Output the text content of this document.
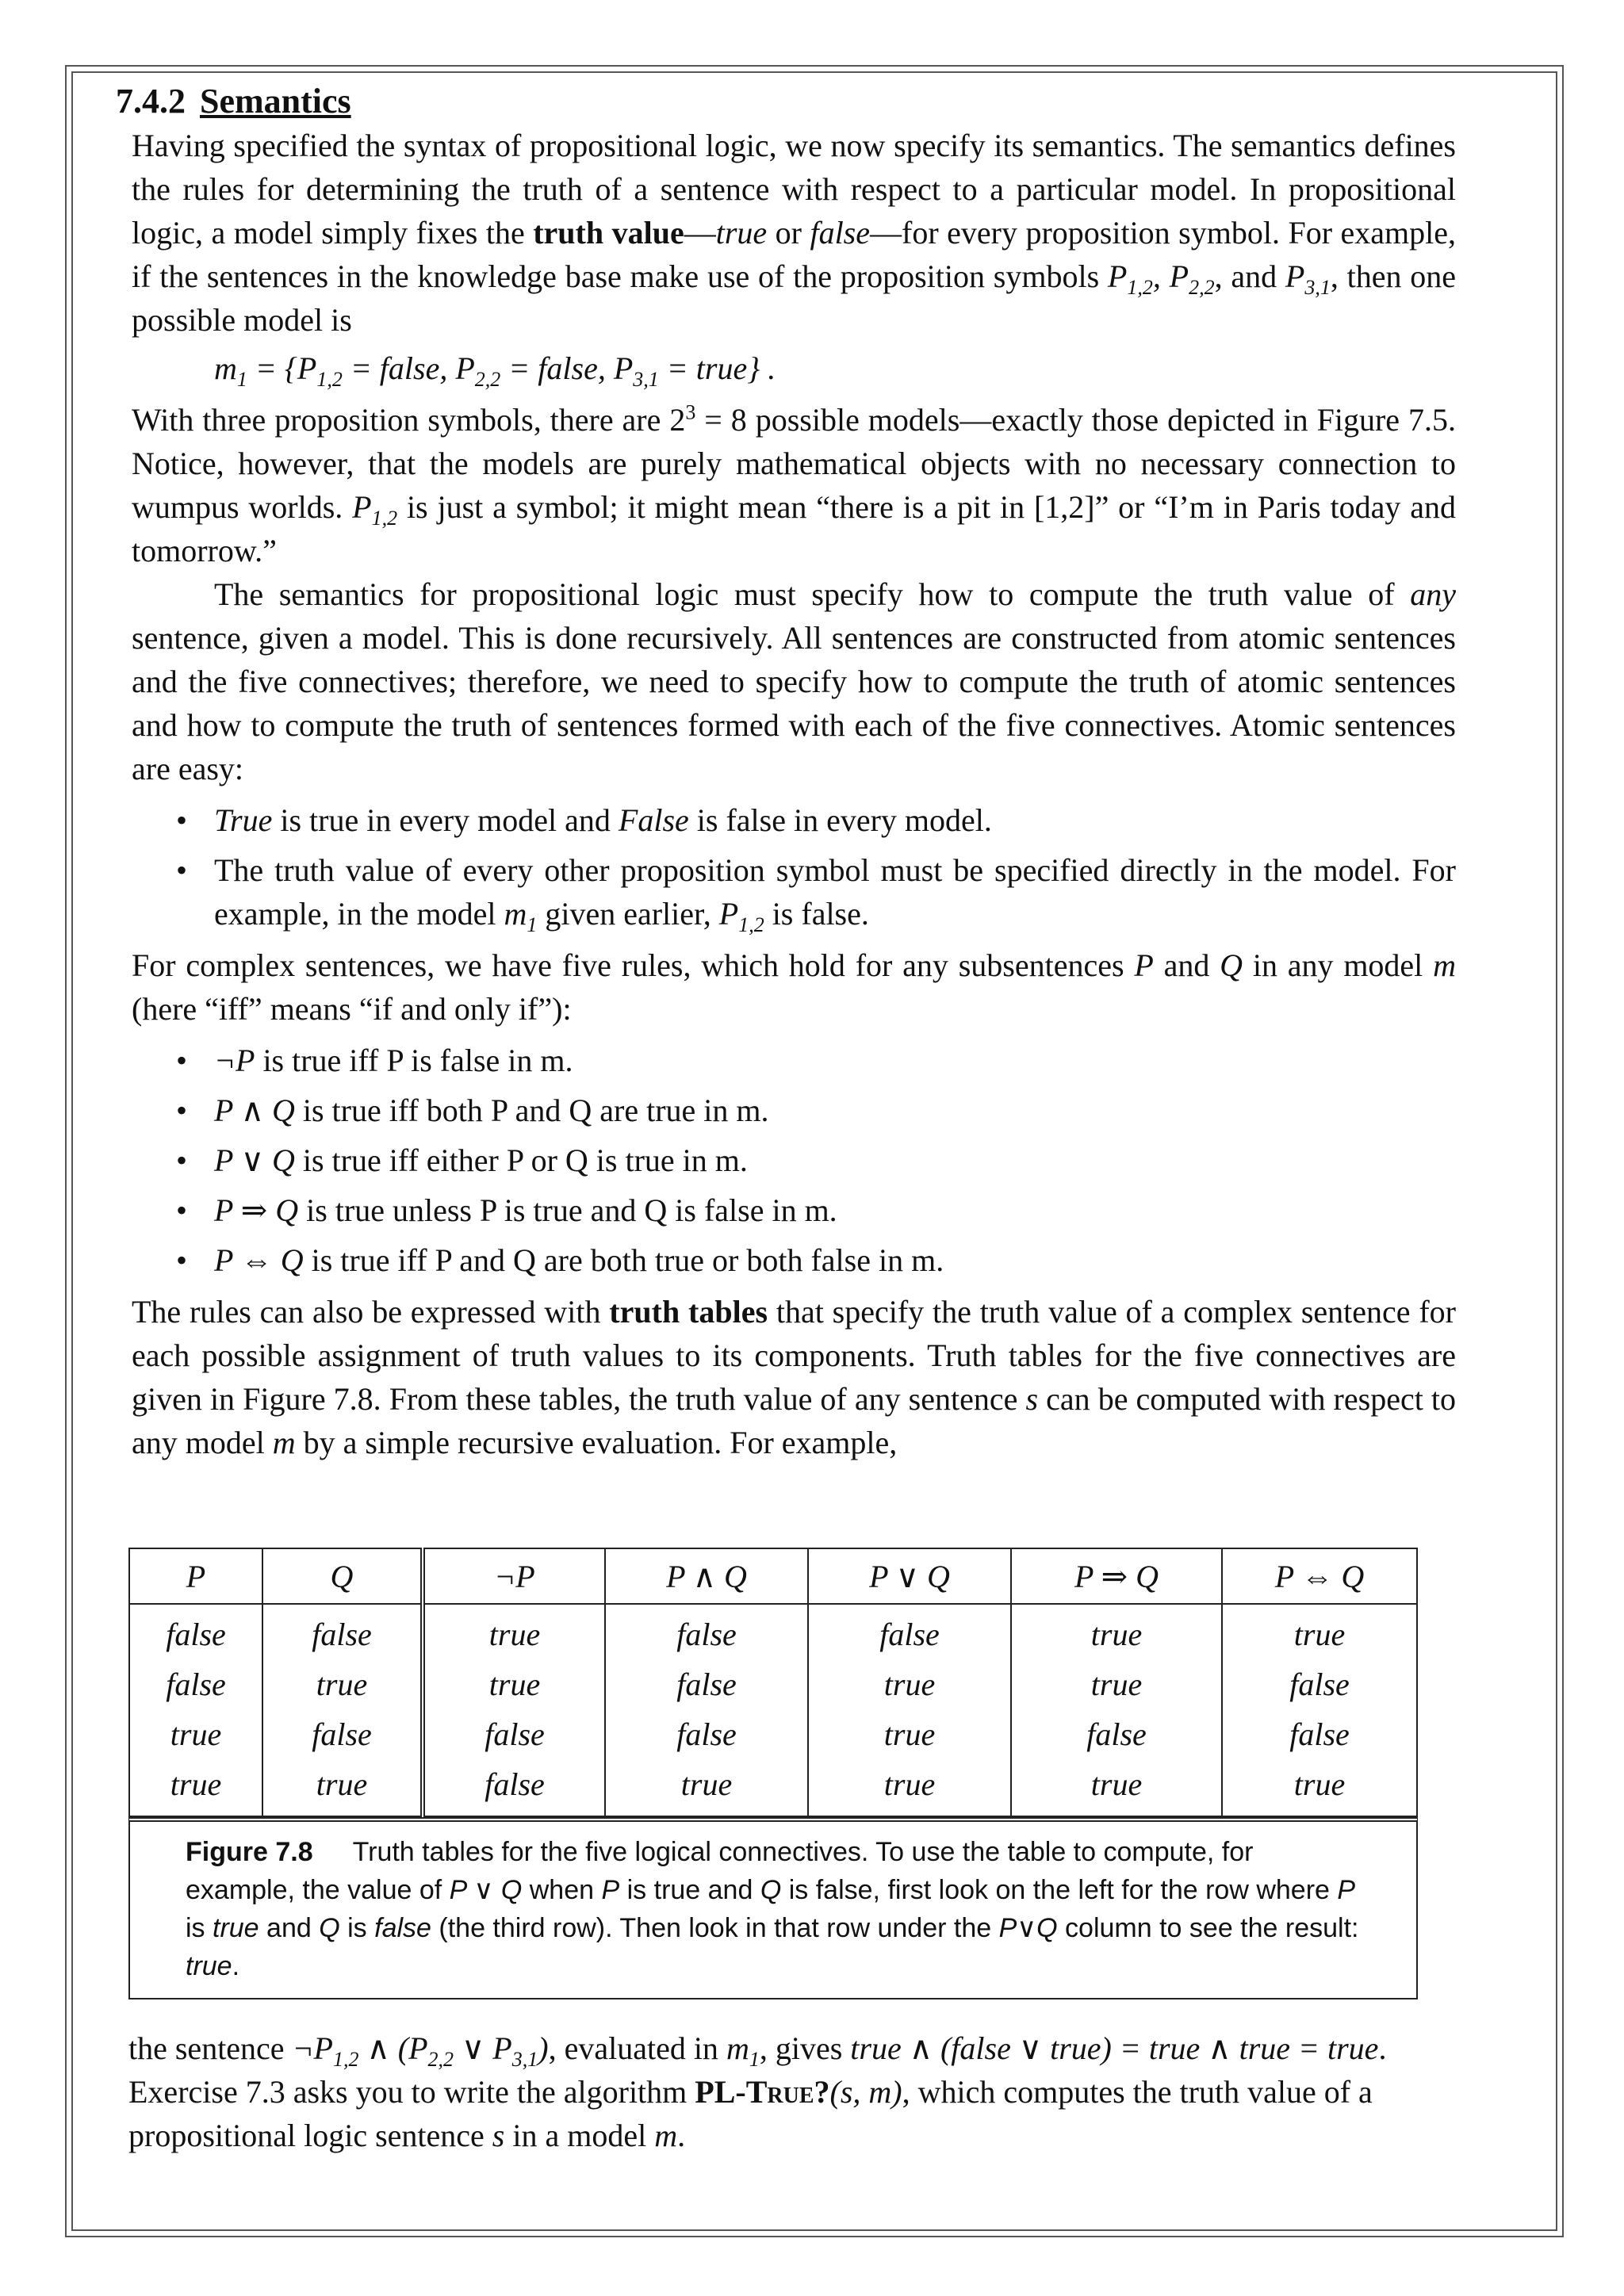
7.4.2 Semantics

Having specified the syntax of propositional logic, we now specify its semantics. The semantics defines the rules for determining the truth of a sentence with respect to a particular model. In propositional logic, a model simply fixes the truth value—true or false—for every proposition symbol. For example, if the sentences in the knowledge base make use of the proposition symbols $P_{1,2}$, $P_{2,2}$, and $P_{3,1}$, then one possible model is

$m_1 = \{P_{1,2}$ = false, $P_{2,2}$ = false, $P_{3,1}$ = true} .

With three proposition symbols, there are $2^3 = 8$ possible models—exactly those depicted in Figure 7.5. Notice, however, that the models are purely mathematical objects with no necessary connection to wumpus worlds. $P_{1,2}$ is just a symbol; it might mean “there is a pit in [1,2]” or “I’m in Paris today and tomorrow.”

The semantics for propositional logic must specify how to compute the truth value of any sentence, given a model. This is done recursively. All sentences are constructed from atomic sentences and the five connectives; therefore, we need to specify how to compute the truth of atomic sentences and how to compute the truth of sentences formed with each of the five connectives. Atomic sentences are easy:

• True is true in every model and False is false in every model.
• The truth value of every other proposition symbol must be specified directly in the model. For example, in the model $m_1$ given earlier, $P_{1,2}$ is false.

For complex sentences, we have five rules, which hold for any subsentences P and Q in any model m (here “iff” means “if and only if”):

• ¬P is true iff P is false in m.
• P ∧ Q is true iff both P and Q are true in m.
• P ∨ Q is true iff either P or Q is true in m.
• P ⇒ Q is true unless P is true and Q is false in m.
• P ⇔ Q is true iff P and Q are both true or both false in m.

The rules can also be expressed with truth tables that specify the truth value of a complex sentence for each possible assignment of truth values to its components. Truth tables for the five connectives are given in Figure 7.8. From these tables, the truth value of any sentence s can be computed with respect to any model m by a simple recursive evaluation. For example,

P	Q	¬P	P ∧ Q	P ∨ Q	P ⇒ Q	P ⇔ Q
false	false	true	false	false	true	true
false	true	true	false	true	true	false
true	false	false	false	true	false	false
true	true	false	true	true	true	true
Figure 7.8 Truth tables for the five logical connectives. To use the table to compute, for example, the value of P ∨ Q when P is true and Q is false, first look on the left for the row where P is true and Q is false (the third row). Then look in that row under the P∨Q column to see the result: true.
the sentence $\neg P_{1,2}$ ∧ ($P_{2,2}$ ∨ $P_{3,1}$), evaluated in $m_1$, gives true ∧ (false ∨ true) = true ∧ true = true. Exercise 7.3 asks you to write the algorithm PL-True?(s, m), which computes the truth value of a propositional logic sentence s in a model m.
